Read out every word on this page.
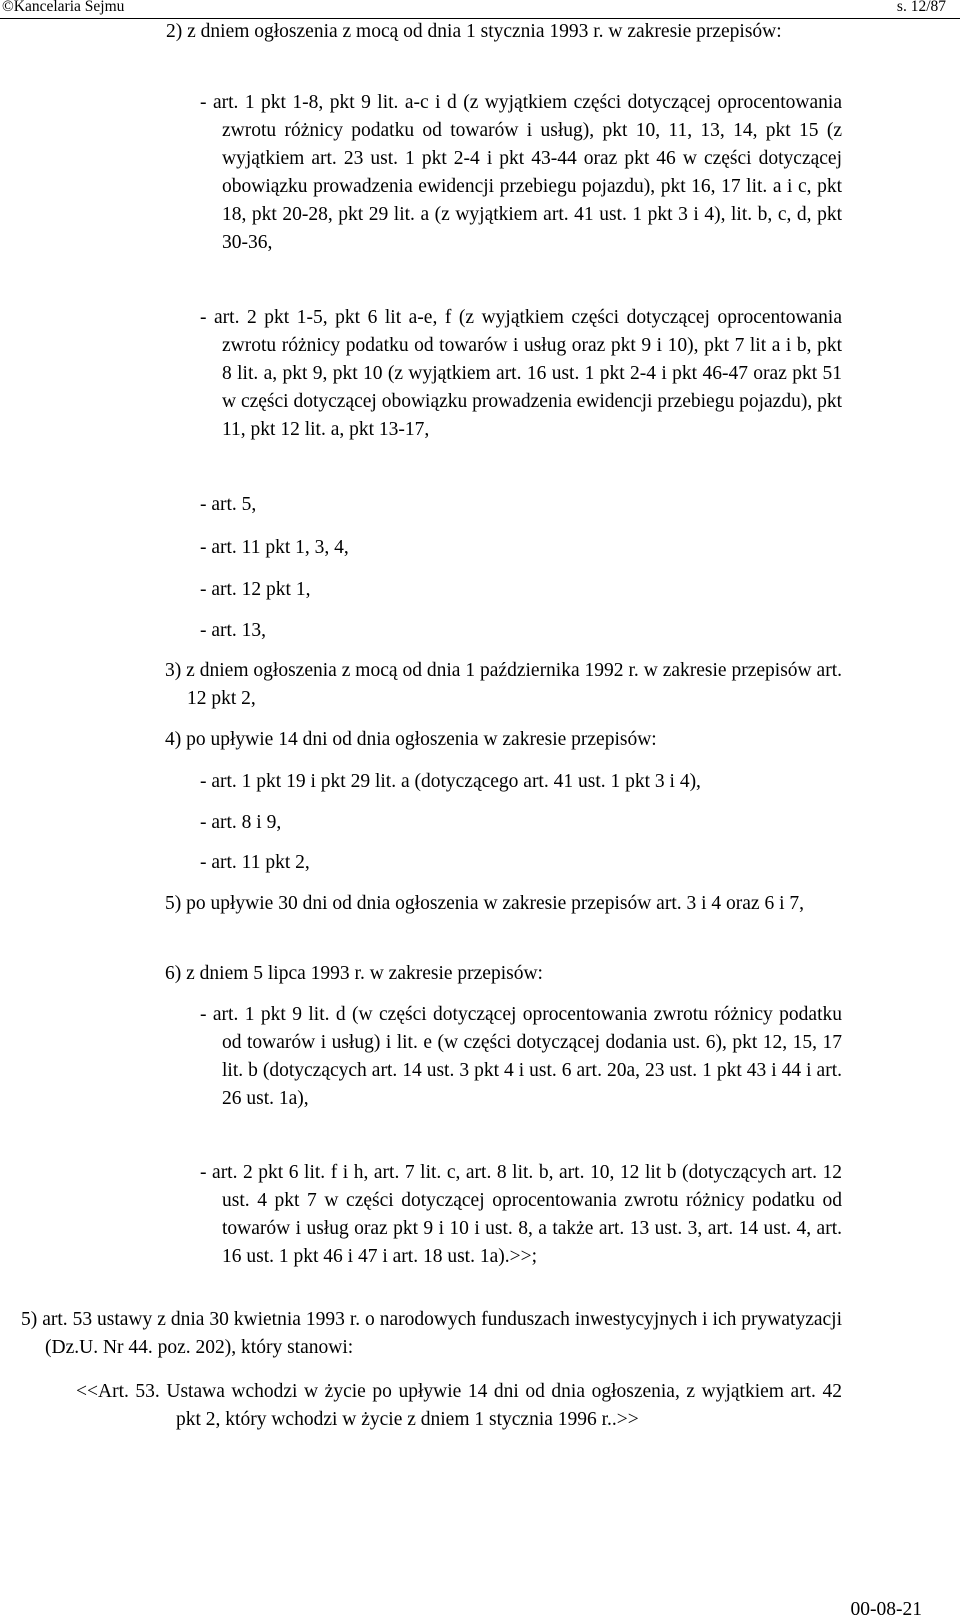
©Kancelaria Sejmu	s. 12/87

2) z dniem ogłoszenia z mocą od dnia 1 stycznia 1993 r. w zakresie przepisów:

- art. 1 pkt 1-8, pkt 9 lit. a-c i d (z wyjątkiem części dotyczącej oprocentowania zwrotu różnicy podatku od towarów i usług), pkt 10, 11, 13, 14, pkt 15 (z wyjątkiem art. 23 ust. 1 pkt 2-4 i pkt 43-44 oraz pkt 46 w części dotyczącej obowiązku prowadzenia ewidencji przebiegu pojazdu), pkt 16, 17 lit. a i c, pkt 18, pkt 20-28, pkt 29 lit. a (z wyjątkiem art. 41 ust. 1 pkt 3 i 4), lit. b, c, d, pkt 30-36,

- art. 2 pkt 1-5, pkt 6 lit a-e, f (z wyjątkiem części dotyczącej oprocentowania zwrotu różnicy podatku od towarów i usług oraz pkt 9 i 10), pkt 7 lit a i b, pkt 8 lit. a, pkt 9, pkt 10 (z wyjątkiem art. 16 ust. 1 pkt 2-4 i pkt 46-47 oraz pkt 51 w części dotyczącej obowiązku prowadzenia ewidencji przebiegu pojazdu), pkt 11, pkt 12 lit. a, pkt 13-17,

- art. 5,

- art. 11 pkt 1, 3, 4,

- art. 12 pkt 1,

- art. 13,

3) z dniem ogłoszenia z mocą od dnia 1 października 1992 r. w zakresie przepisów art. 12 pkt 2,

4) po upływie 14 dni od dnia ogłoszenia w zakresie przepisów:

- art. 1 pkt 19 i pkt 29 lit. a (dotyczącego art. 41 ust. 1 pkt 3 i 4),

- art. 8 i 9,

- art. 11 pkt 2,

5) po upływie 30 dni od dnia ogłoszenia w zakresie przepisów art. 3 i 4 oraz 6 i 7,

6) z dniem 5 lipca 1993 r. w zakresie przepisów:

- art. 1 pkt 9 lit. d (w części dotyczącej oprocentowania zwrotu różnicy podatku od towarów i usług) i lit. e (w części dotyczącej dodania ust. 6), pkt 12, 15, 17 lit. b (dotyczących art. 14 ust. 3 pkt 4 i ust. 6 art. 20a, 23 ust. 1 pkt 43 i 44 i art. 26 ust. 1a),

- art. 2 pkt 6 lit. f i h, art. 7 lit. c, art. 8 lit. b, art. 10, 12 lit b (dotyczących art. 12 ust. 4 pkt 7 w części dotyczącej oprocentowania zwrotu różnicy podatku od towarów i usług oraz pkt 9 i 10 i ust. 8, a także art. 13 ust. 3, art. 14 ust. 4, art. 16 ust. 1 pkt 46 i 47 i art. 18 ust. 1a).>>;

5) art. 53 ustawy z dnia 30 kwietnia 1993 r. o narodowych funduszach inwestycyjnych i ich prywatyzacji (Dz.U. Nr 44. poz. 202), który stanowi:

<<Art. 53. Ustawa wchodzi w życie po upływie 14 dni od dnia ogłoszenia, z wyjątkiem art. 42 pkt 2, który wchodzi w życie z dniem 1 stycznia 1996 r..>>

00-08-21
